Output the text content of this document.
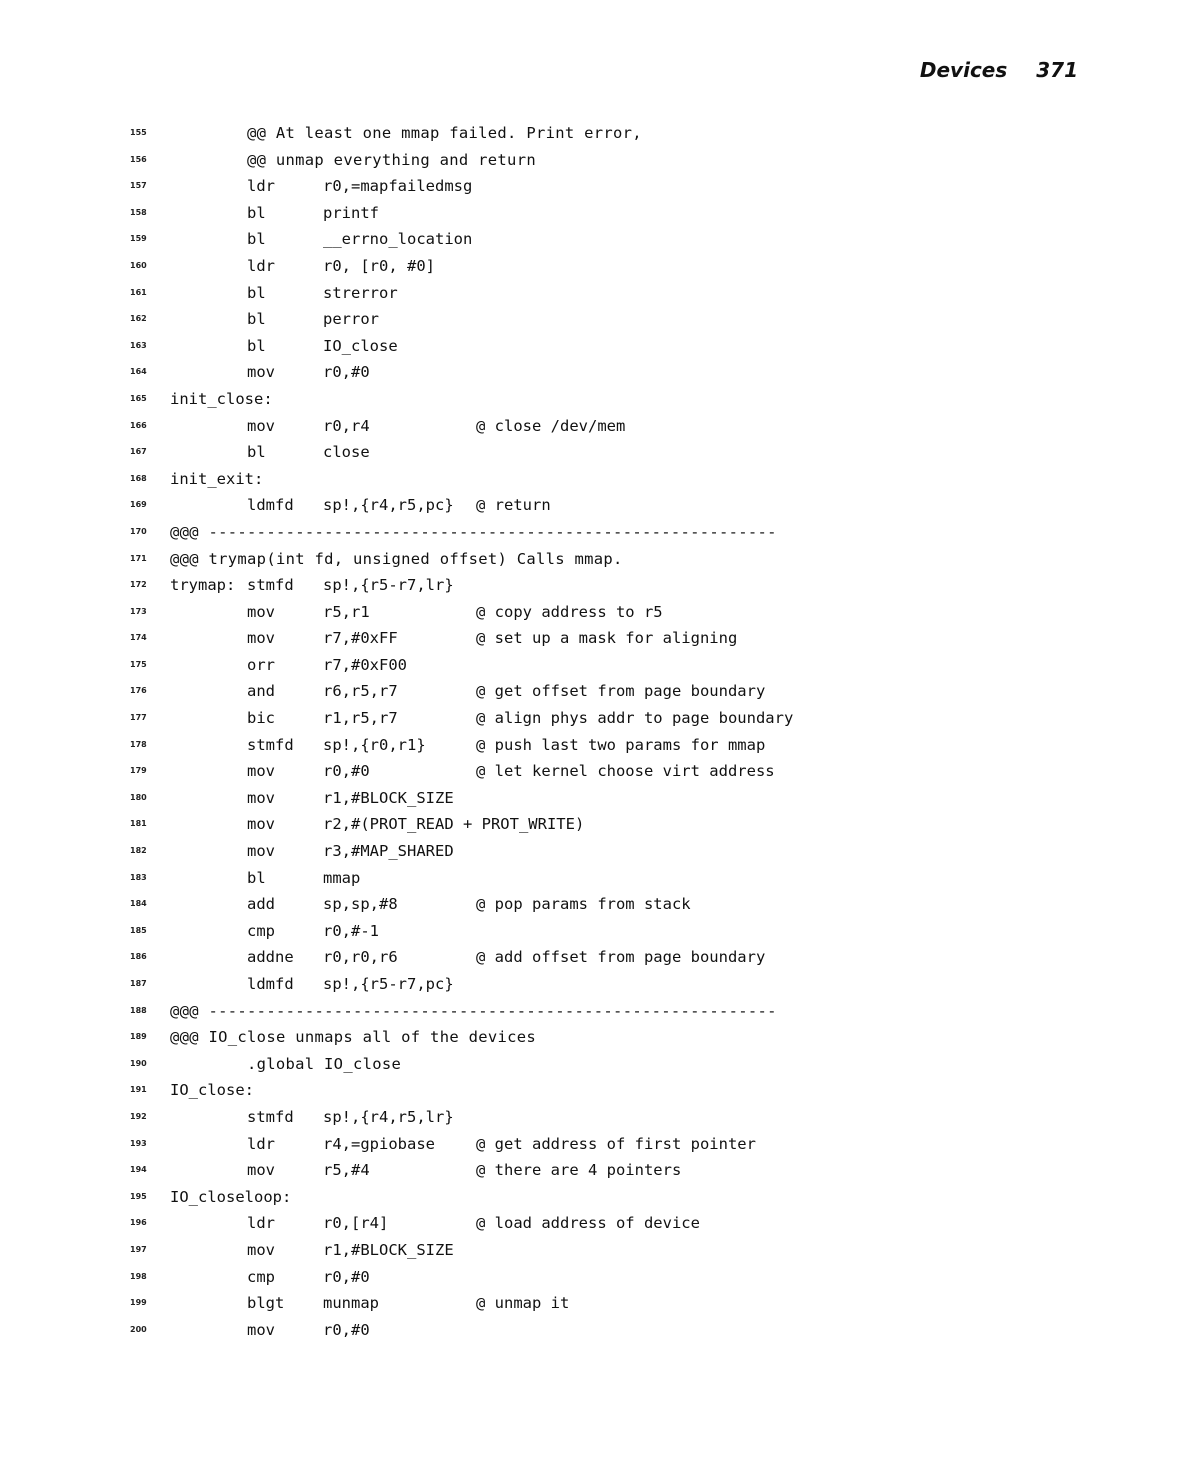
Devices 371
155	@@ At least one mmap failed. Print error,
156	@@ unmap everything and return
157	ldr	r0,=mapfailedmsg
158	bl	printf
159	bl	__errno_location
160	ldr	r0, [r0, #0]
161	bl	strerror
162	bl	perror
163	bl	IO_close
164	mov	r0,#0
165 init_close:
166	mov	r0,r4	@ close /dev/mem
167	bl	close
168 init_exit:
169	ldmfd sp!,{r4,r5,pc} @ return
170 @@@ -----------------------------------------------------------
171 @@@ trymap(int fd, unsigned offset) Calls mmap.
172 trymap: stmfd sp!,{r5-r7,lr}
173	mov	r5,r1	@ copy address to r5
174	mov	r7,#0xFF	@ set up a mask for aligning
175	orr	r7,#0xF00
176	and	r6,r5,r7	@ get offset from page boundary
177	bic	r1,r5,r7	@ align phys addr to page boundary
178	stmfd sp!,{r0,r1}	@ push last two params for mmap
179	mov	r0,#0	@ let kernel choose virt address
180	mov	r1,#BLOCK_SIZE
181	mov	r2,#(PROT_READ + PROT_WRITE)
182	mov	r3,#MAP_SHARED
183	bl	mmap
184	add	sp,sp,#8	@ pop params from stack
185	cmp	r0,#-1
186	addne r0,r0,r6	@ add offset from page boundary
187	ldmfd sp!,{r5-r7,pc}
188 @@@ -----------------------------------------------------------
189 @@@ IO_close unmaps all of the devices
190	.global IO_close
191 IO_close:
192	stmfd sp!,{r4,r5,lr}
193	ldr	r4,=gpiobase	@ get address of first pointer
194	mov	r5,#4	@ there are 4 pointers
195 IO_closeloop:
196	ldr	r0,[r4]	@ load address of device
197	mov	r1,#BLOCK_SIZE
198	cmp	r0,#0
199	blgt munmap	@ unmap it
200	mov	r0,#0
